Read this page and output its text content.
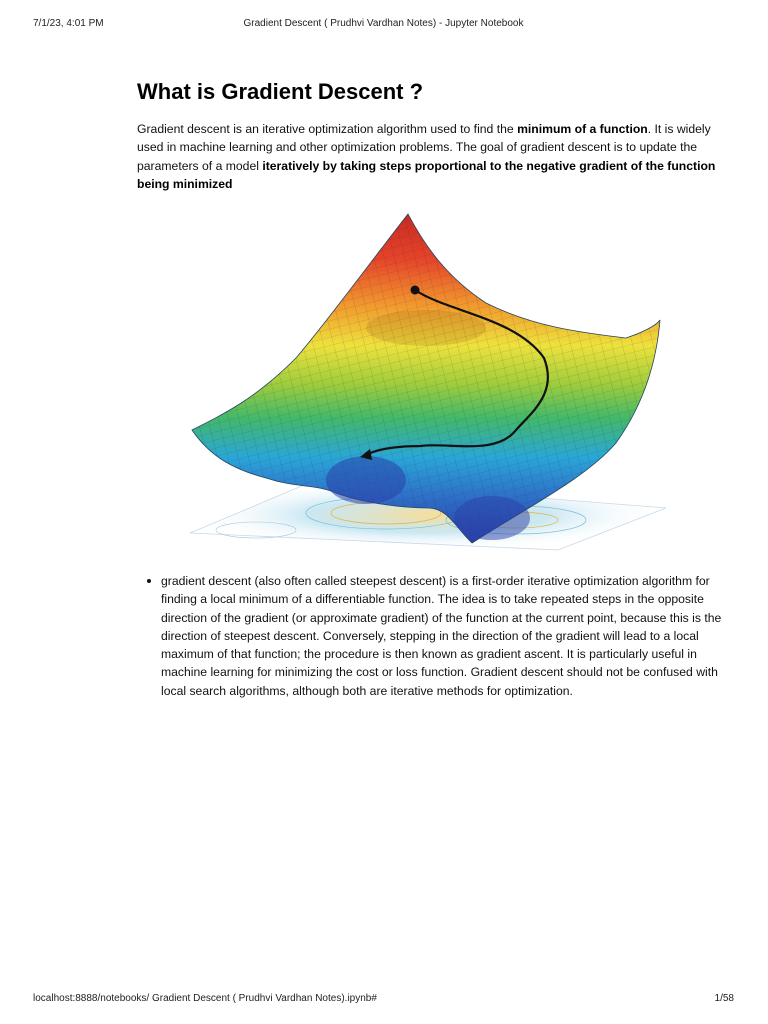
7/1/23, 4:01 PM	Gradient Descent ( Prudhvi Vardhan Notes) - Jupyter Notebook
What is Gradient Descent ?

Gradient descent is an iterative optimization algorithm used to find the minimum of a function. It is widely used in machine learning and other optimization problems. The goal of gradient descent is to update the parameters of a model iteratively by taking steps proportional to the negative gradient of the function being minimized

gradient descent (also often called steepest descent) is a first-order iterative optimization algorithm for finding a local minimum of a differentiable function. The idea is to take repeated steps in the opposite direction of the gradient (or approximate gradient) of the function at the current point, because this is the direction of steepest descent. Conversely, stepping in the direction of the gradient will lead to a local maximum of that function; the procedure is then known as gradient ascent. It is particularly useful in machine learning for minimizing the cost or loss function. Gradient descent should not be confused with local search algorithms, although both are iterative methods for optimization.
localhost:8888/notebooks/ Gradient Descent ( Prudhvi Vardhan Notes).ipynb#	1/58
